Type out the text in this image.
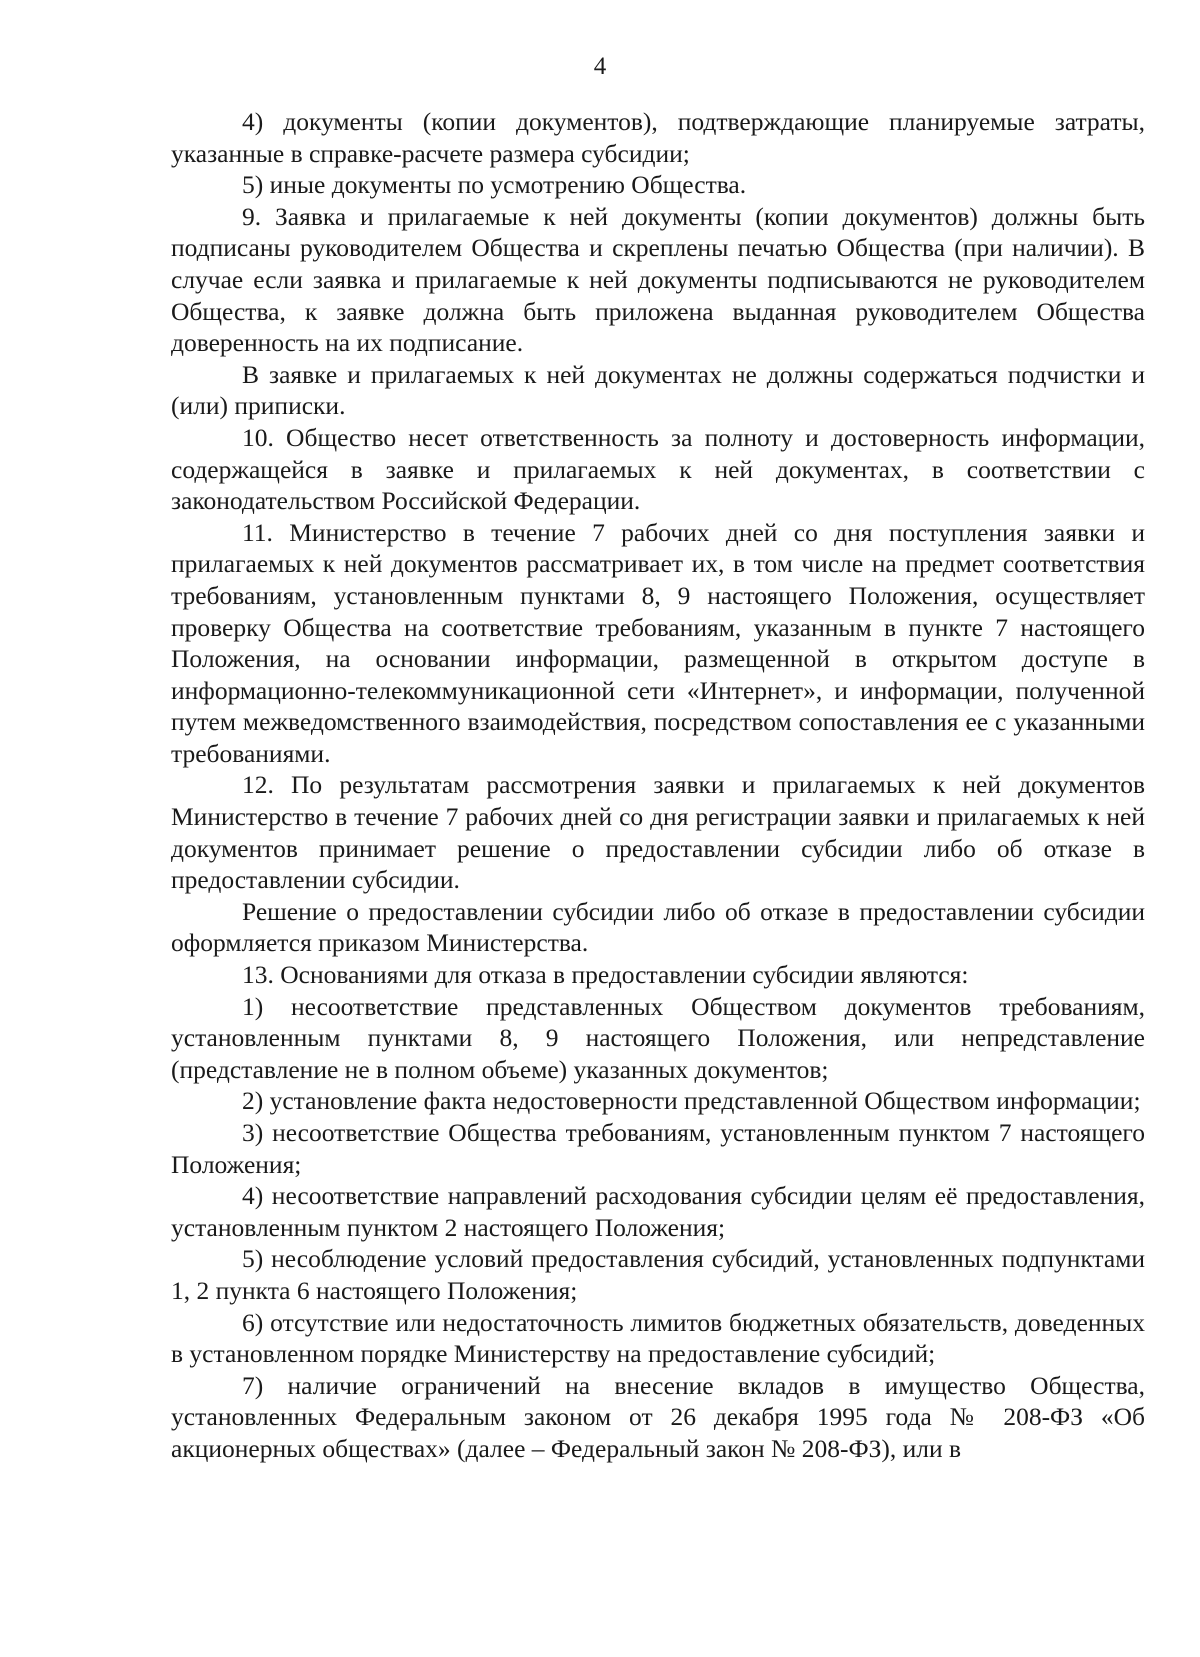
4

4) документы (копии документов), подтверждающие планируемые затраты, указанные в справке-расчете размера субсидии;

5) иные документы по усмотрению Общества.

9. Заявка и прилагаемые к ней документы (копии документов) должны быть подписаны руководителем Общества и скреплены печатью Общества (при наличии). В случае если заявка и прилагаемые к ней документы подписываются не руководителем Общества, к заявке должна быть приложена выданная руководителем Общества доверенность на их подписание.

В заявке и прилагаемых к ней документах не должны содержаться подчистки и (или) приписки.

10. Общество несет ответственность за полноту и достоверность информации, содержащейся в заявке и прилагаемых к ней документах, в соответствии с законодательством Российской Федерации.

11. Министерство в течение 7 рабочих дней со дня поступления заявки и прилагаемых к ней документов рассматривает их, в том числе на предмет соответствия требованиям, установленным пунктами 8, 9 настоящего Положения, осуществляет проверку Общества на соответствие требованиям, указанным в пункте 7 настоящего Положения, на основании информации, размещенной в открытом доступе в информационно-телекоммуникационной сети «Интернет», и информации, полученной путем межведомственного взаимодействия, посредством сопоставления ее с указанными требованиями.

12. По результатам рассмотрения заявки и прилагаемых к ней документов Министерство в течение 7 рабочих дней со дня регистрации заявки и прилагаемых к ней документов принимает решение о предоставлении субсидии либо об отказе в предоставлении субсидии.

Решение о предоставлении субсидии либо об отказе в предоставлении субсидии оформляется приказом Министерства.

13. Основаниями для отказа в предоставлении субсидии являются:

1) несоответствие представленных Обществом документов требованиям, установленным пунктами 8, 9 настоящего Положения, или непредставление (представление не в полном объеме) указанных документов;

2) установление факта недостоверности представленной Обществом информации;

3) несоответствие Общества требованиям, установленным пунктом 7 настоящего Положения;

4) несоответствие направлений расходования субсидии целям её предоставления, установленным пунктом 2 настоящего Положения;

5) несоблюдение условий предоставления субсидий, установленных подпунктами 1, 2 пункта 6 настоящего Положения;

6) отсутствие или недостаточность лимитов бюджетных обязательств, доведенных в установленном порядке Министерству на предоставление субсидий;

7) наличие ограничений на внесение вкладов в имущество Общества, установленных Федеральным законом от 26 декабря 1995 года № 208-ФЗ «Об акционерных обществах» (далее – Федеральный закон № 208-ФЗ), или в
